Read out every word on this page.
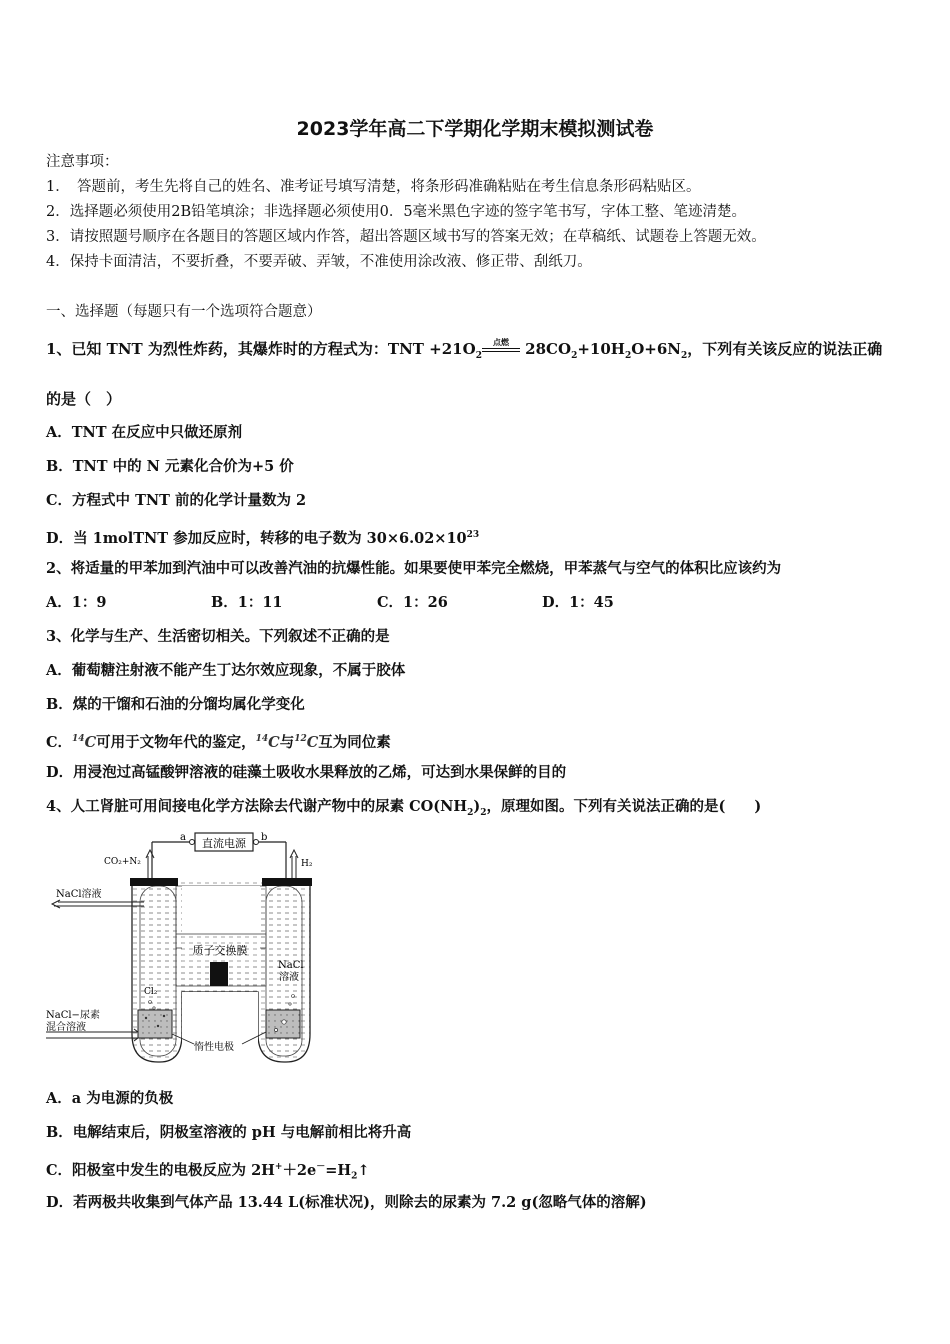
2023学年高二下学期化学期末模拟测试卷
注意事项：
1．　答题前，考生先将自己的姓名、准考证号填写清楚，将条形码准确粘贴在考生信息条形码粘贴区。
2．选择题必须使用2B铅笔填涂；非选择题必须使用0．5毫米黑色字迹的签字笔书写，字体工整、笔迹清楚。
3．请按照题号顺序在各题目的答题区域内作答，超出答题区域书写的答案无效；在草稿纸、试题卷上答题无效。
4．保持卡面清洁，不要折叠，不要弄破、弄皱，不准使用涂改液、修正带、刮纸刀。
一、选择题（每题只有一个选项符合题意）
1、已知 TNT 为烈性炸药，其爆炸时的方程式为：TNT $+21O_2$
点燃 $28CO_2+10H_2O+6N_2$，下列有关该反应的说法正确
的是（　）
A．TNT 在反应中只做还原剂
B．TNT 中的 N 元素化合价为+5 价
C．方程式中 TNT 前的化学计量数为 2
D．当 1molTNT 参加反应时，转移的电子数为 $30\times 6.02\times 10^{23}$
2、将适量的甲苯加到汽油中可以改善汽油的抗爆性能。如果要使甲苯完全燃烧，甲苯蒸气与空气的体积比应该约为
A．1：9	B．1：11	C．1：26	D．1：45
3、化学与生产、生活密切相关。下列叙述不正确的是
A．葡萄糖注射液不能产生丁达尔效应现象，不属于胶体
B．煤的干馏和石油的分馏均属化学变化
C．$^{14}$C可用于文物年代的鉴定，$^{14}$C与$^{12}$C互为同位素
D．用浸泡过高锰酸钾溶液的硅藻土吸收水果释放的乙烯，可达到水果保鲜的目的
4、人工肾脏可用间接电化学方法除去代谢产物中的尿素 $CO(NH_2)_2$，原理如图。下列有关说法正确的是(　　)
直流电源
a	b
质子交换膜
CO₂+N₂	H₂
NaCl溶液
NaCl−尿素
混合溶液
NaCl
溶液
Cl₂
惰性电极
A．a 为电源的负极
B．电解结束后，阴极室溶液的 pH 与电解前相比将升高
C．阳极室中发生的电极反应为 $2H^++2e^-=H_2↑$
D．若两极共收集到气体产品 13.44 L(标准状况)，则除去的尿素为 7.2 g(忽略气体的溶解)
